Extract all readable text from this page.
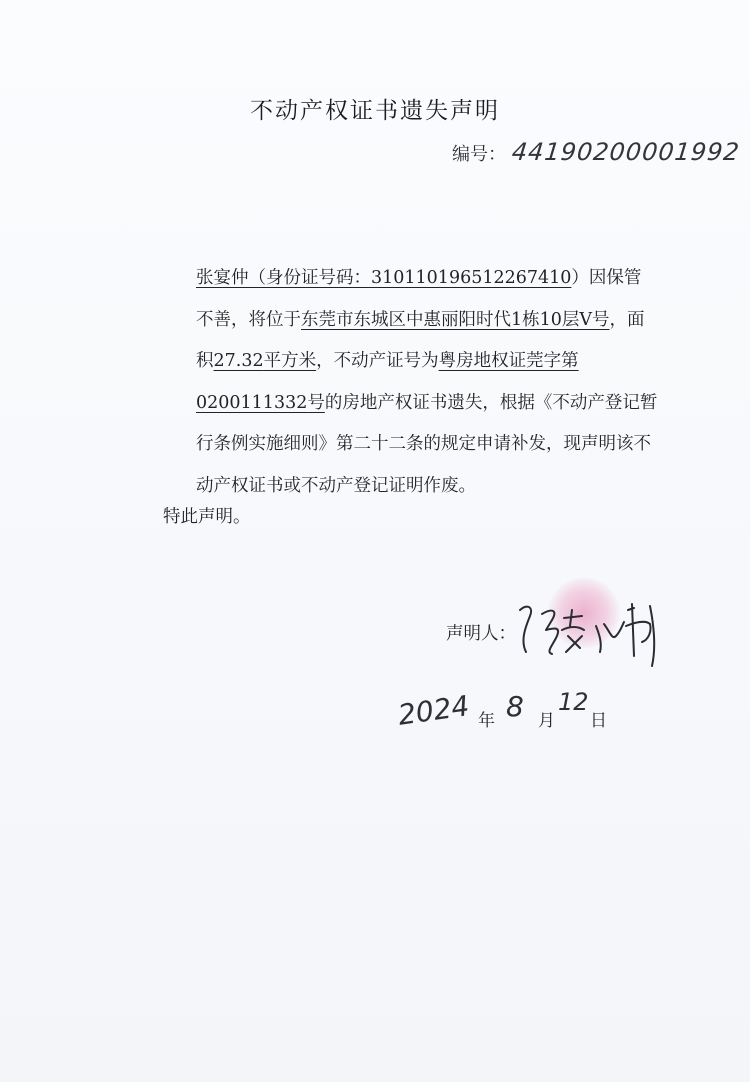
不动产权证书遗失声明
编号： 44190200001992

张宴仲（身份证号码：310110196512267410）因保管不善，将位于东莞市东城区中惠丽阳时代1栋10层V号，面积27.32平方米，不动产证号为粤房地权证莞字第0200111332号的房地产权证书遗失，根据《不动产登记暂行条例实施细则》第二十二条的规定申请补发，现声明该不动产权证书或不动产登记证明作废。

特此声明。
声明人：
2024 年 8 月
12
日
